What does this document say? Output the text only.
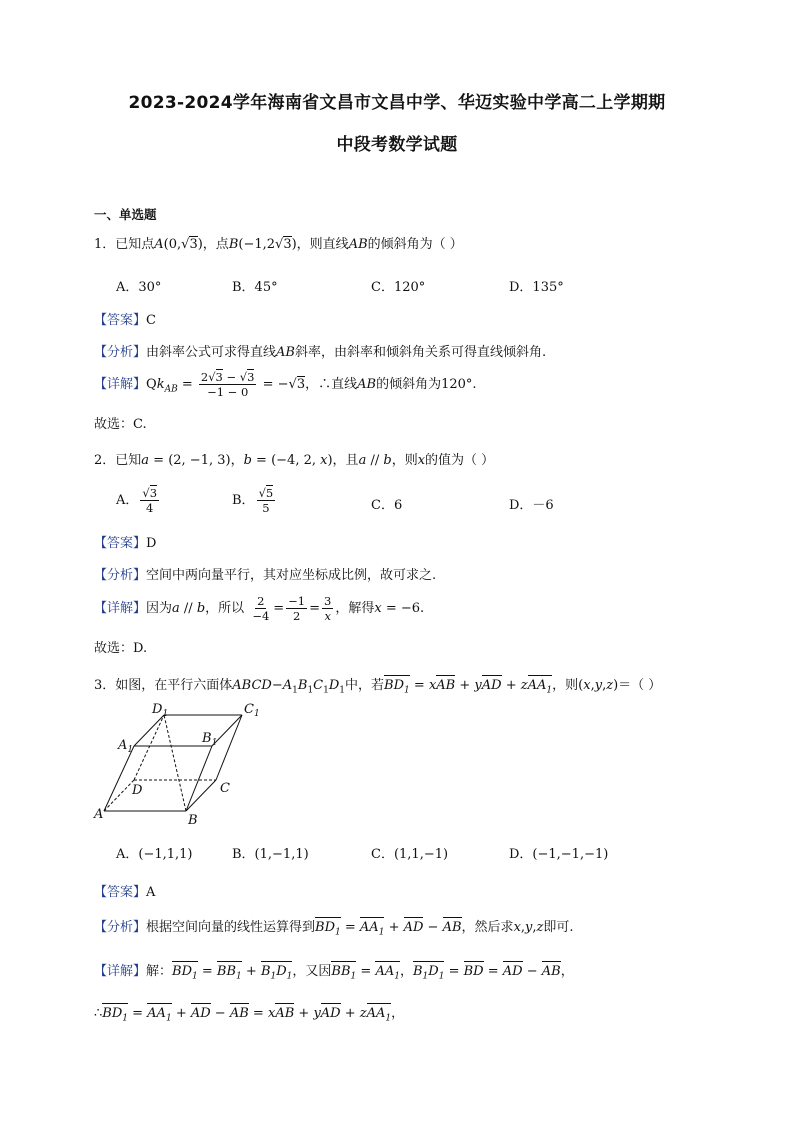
2023-2024学年海南省文昌市文昌中学、华迈实验中学高二上学期期
中段考数学试题
一、单选题
1．已知点A(0,√3)，点B(−1,2√3)，则直线AB的倾斜角为（ ）
A．30°	B．45°	C．120°	D．135°
【答案】C
【分析】由斜率公式可求得直线AB斜率，由斜率和倾斜角关系可得直线倾斜角.
【详解】$Qk_{AB} = \frac{2√3 - √3}{-1 - 0} = -√3$，∴直线AB的倾斜角为120°.
故选：C.
2．已知a = (2, −1, 3)，b = (−4, 2, x)，且a // b，则x的值为（ ）
A． $\frac{√3}{4}$	B． $\frac{√5}{5}$	C．6	D．－6
【答案】D
【分析】空间中两向量平行，其对应坐标成比例，故可求之.
【详解】因为a // b，所以 $\frac{2}{-4} = \frac{-1}{2} = \frac{3}{x}$ ，解得x = −6.
故选：D.
3．如图，在平行六面体$ABCD-A_1B_1C_1D_1$中，若$BD_1$ = xAB + yAD + zAA$_1$，则(x,y,z)＝（ ）
$D_1$	$C_1$
$A_1$
$B_1$
D	C
A	B
A．(−1,1,1)	B．(1,−1,1)	C．(1,1,−1)	D．(−1,−1,−1)
【答案】A
【分析】根据空间向量的线性运算得到$BD_1 = AA_1$ + AD − AB，然后求x,y,z即可.
【详解】解：$BD_1 = BB_1 + B_1D_1$，又因$BB_1 = AA_1$，$B_1D_1$ = BD = AD − AB，
$\therefore BD_1 = AA_1$ + AD − AB = xAB + yAD + zAA$_1$，
